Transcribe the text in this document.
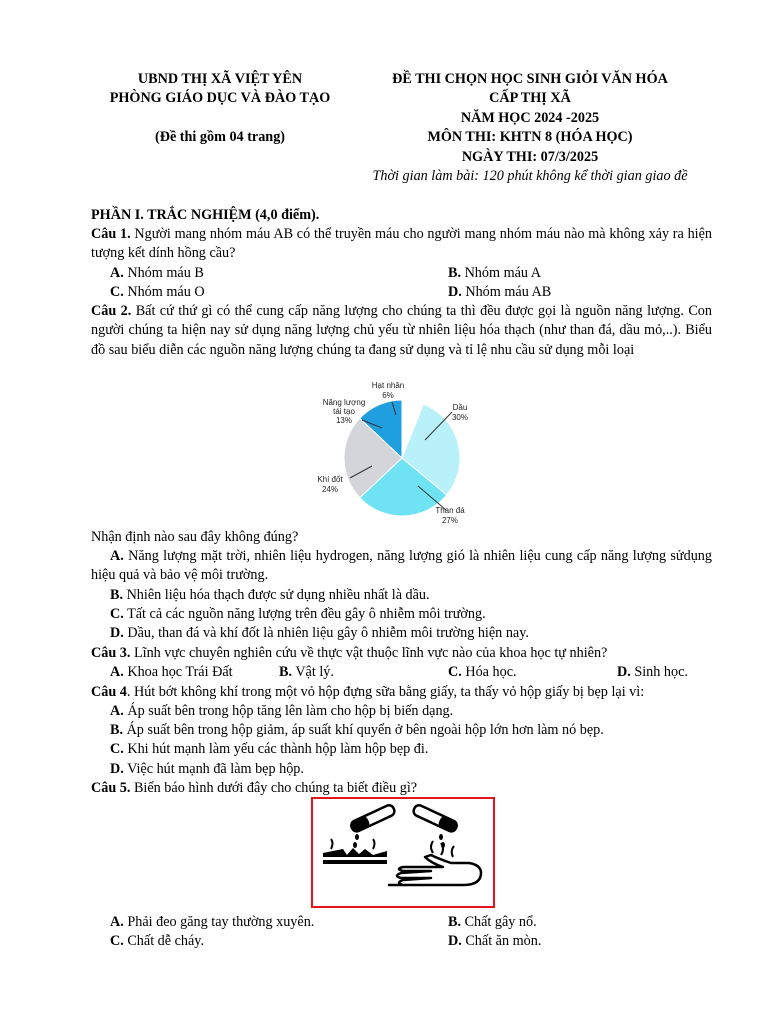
UBND THỊ XÃ VIỆT YÊN
PHÒNG GIÁO DỤC VÀ ĐÀO TẠO
(Đề thi gồm 04 trang)
ĐỀ THI CHỌN HỌC SINH GIỎI VĂN HÓA
CẤP THỊ XÃ
NĂM HỌC 2024 -2025
MÔN THI: KHTN 8 (HÓA HỌC)
NGÀY THI: 07/3/2025
Thời gian làm bài: 120 phút không kể thời gian giao đề
PHẦN I. TRẮC NGHIỆM (4,0 điểm).
Câu 1. Người mang nhóm máu AB có thể truyền máu cho người mang nhóm máu nào mà không xảy ra hiện tượng kết dính hồng cầu?
A. Nhóm máu B	B. Nhóm máu A
C. Nhóm máu O	D. Nhóm máu AB
Câu 2. Bất cứ thứ gì có thể cung cấp năng lượng cho chúng ta thì đều được gọi là nguồn năng lượng. Con người chúng ta hiện nay sử dụng năng lượng chủ yếu từ nhiên liệu hóa thạch (như than đá, dầu mỏ,..). Biểu đồ sau biểu diễn các nguồn năng lượng chúng ta đang sử dụng và tỉ lệ nhu cầu sử dụng mỗi loại
Dầu
30%
Than đá
27%
Khí đốt
24%
Năng lượng
tái tạo
13%
Hạt nhân
6%
Nhận định nào sau đây không đúng?
A. Năng lượng mặt trời, nhiên liệu hydrogen, năng lượng gió là nhiên liệu cung cấp năng lượng sửdụng hiệu quả và bảo vệ môi trường.
B. Nhiên liệu hóa thạch được sử dụng nhiều nhất là dầu.
C. Tất cả các nguồn năng lượng trên đều gây ô nhiễm môi trường.
D. Dầu, than đá và khí đốt là nhiên liệu gây ô nhiễm môi trường hiện nay.
Câu 3. Lĩnh vực chuyên nghiên cứu về thực vật thuộc lĩnh vực nào của khoa học tự nhiên?
A. Khoa học Trái Đất	B. Vật lý.	C. Hóa học.	D. Sinh học.
Câu 4. Hút bớt không khí trong một vỏ hộp đựng sữa bằng giấy, ta thấy vỏ hộp giấy bị bẹp lại vì:
A. Áp suất bên trong hộp tăng lên làm cho hộp bị biến dạng.
B. Áp suất bên trong hộp giảm, áp suất khí quyển ở bên ngoài hộp lớn hơn làm nó bẹp.
C. Khi hút mạnh làm yếu các thành hộp làm hộp bẹp đi.
D. Việc hút mạnh đã làm bẹp hộp.
Câu 5. Biển báo hình dưới đây cho chúng ta biết điều gì?
A. Phải đeo găng tay thường xuyên.	B. Chất gây nổ.
C. Chất dễ cháy.	D. Chất ăn mòn.
